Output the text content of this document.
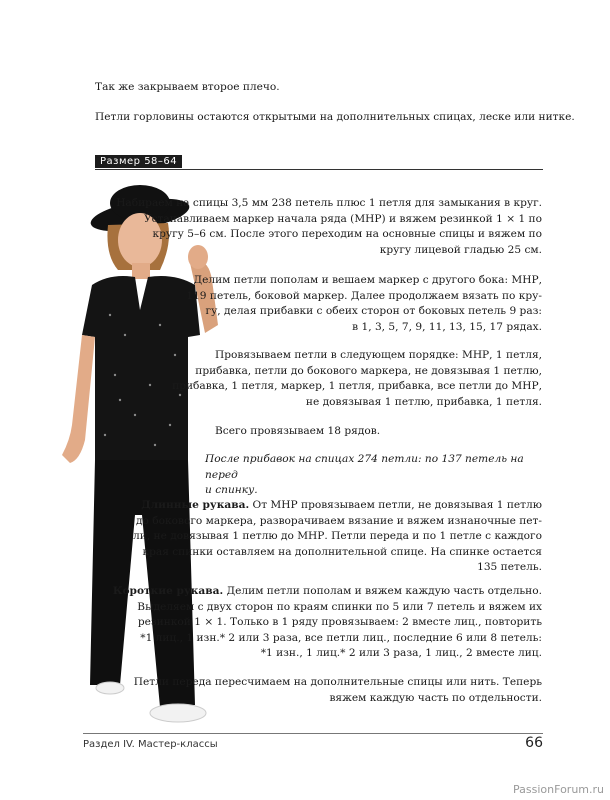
Так же закрываем второе плечо.

Петли горловины остаются открытыми на дополнительных спицах, леске или нитке.

Размер 58–64

Набираем на спицы 3,5 мм 238 петель плюс 1 петля для замыкания в круг.
Устанавливаем маркер начала ряда (МНР) и вяжем резинкой 1 × 1 по
кругу 5–6 см. После этого переходим на основные спицы и вяжем по
кругу лицевой гладью 25 см.

Делим петли пополам и вешаем маркер с другого бока: МНР,
119 петель, боковой маркер. Далее продолжаем вязать по кру-
гу, делая прибавки с обеих сторон от боковых петель 9 раз:
в 1, 3, 5, 7, 9, 11, 13, 15, 17 рядах.

Провязываем петли в следующем порядке: МНР, 1 петля,
прибавка, петли до бокового маркера, не довязывая 1 петлю,
прибавка, 1 петля, маркер, 1 петля, прибавка, все петли до МНР,
не довязывая 1 петлю, прибавка, 1 петля.

Всего провязываем 18 рядов.

После прибавок на спицах 274 петли: по 137 петель на перед
и спинку.

Длинные рукава. От МНР провязываем петли, не довязывая 1 петлю
до бокового маркера, разворачиваем вязание и вяжем изнаночные пет-
ли, не довязывая 1 петлю до МНР. Петли переда и по 1 петле с каждого
края спинки оставляем на дополнительной спице. На спинке остается
135 петель.

Короткие рукава. Делим петли пополам и вяжем каждую часть отдельно.
Выделяем с двух сторон по краям спинки по 5 или 7 петель и вяжем их
резинкой 1 × 1. Только в 1 ряду провязываем: 2 вместе лиц., повторить
*1 лиц., 1 изн.* 2 или 3 раза, все петли лиц., последние 6 или 8 петель:
*1 изн., 1 лиц.* 2 или 3 раза, 1 лиц., 2 вместе лиц.

Петли переда пересчимаем на дополнительные спицы или нить. Теперь
вяжем каждую часть по отдельности.

Раздел IV. Мастер-классы	66
PassionForum.ru
